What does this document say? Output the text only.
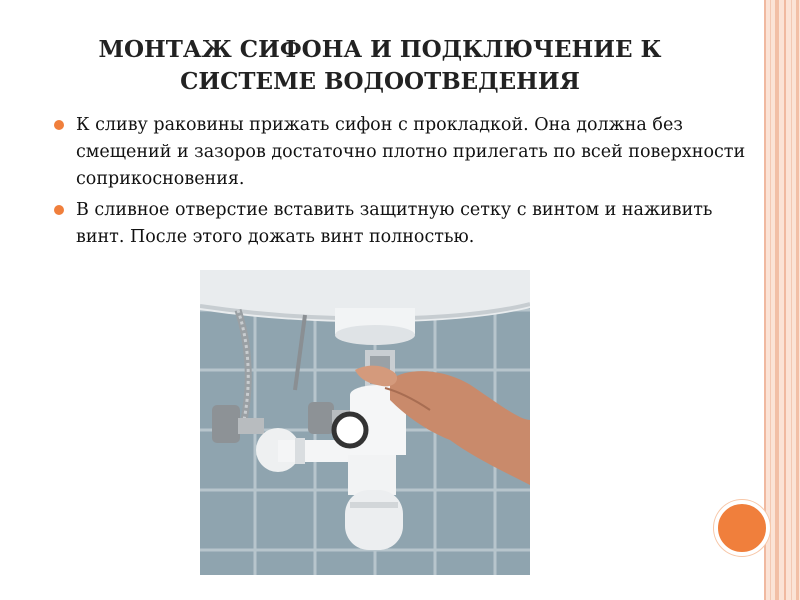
МОНТАЖ СИФОНА И ПОДКЛЮЧЕНИЕ К СИСТЕМЕ ВОДООТВЕДЕНИЯ
К сливу раковины прижать сифон с прокладкой. Она должна без смещений и зазоров достаточно плотно прилегать по всей поверхности соприкосновения.
В сливное отверстие вставить защитную сетку с винтом и наживить винт. После этого дожать винт полностью.
